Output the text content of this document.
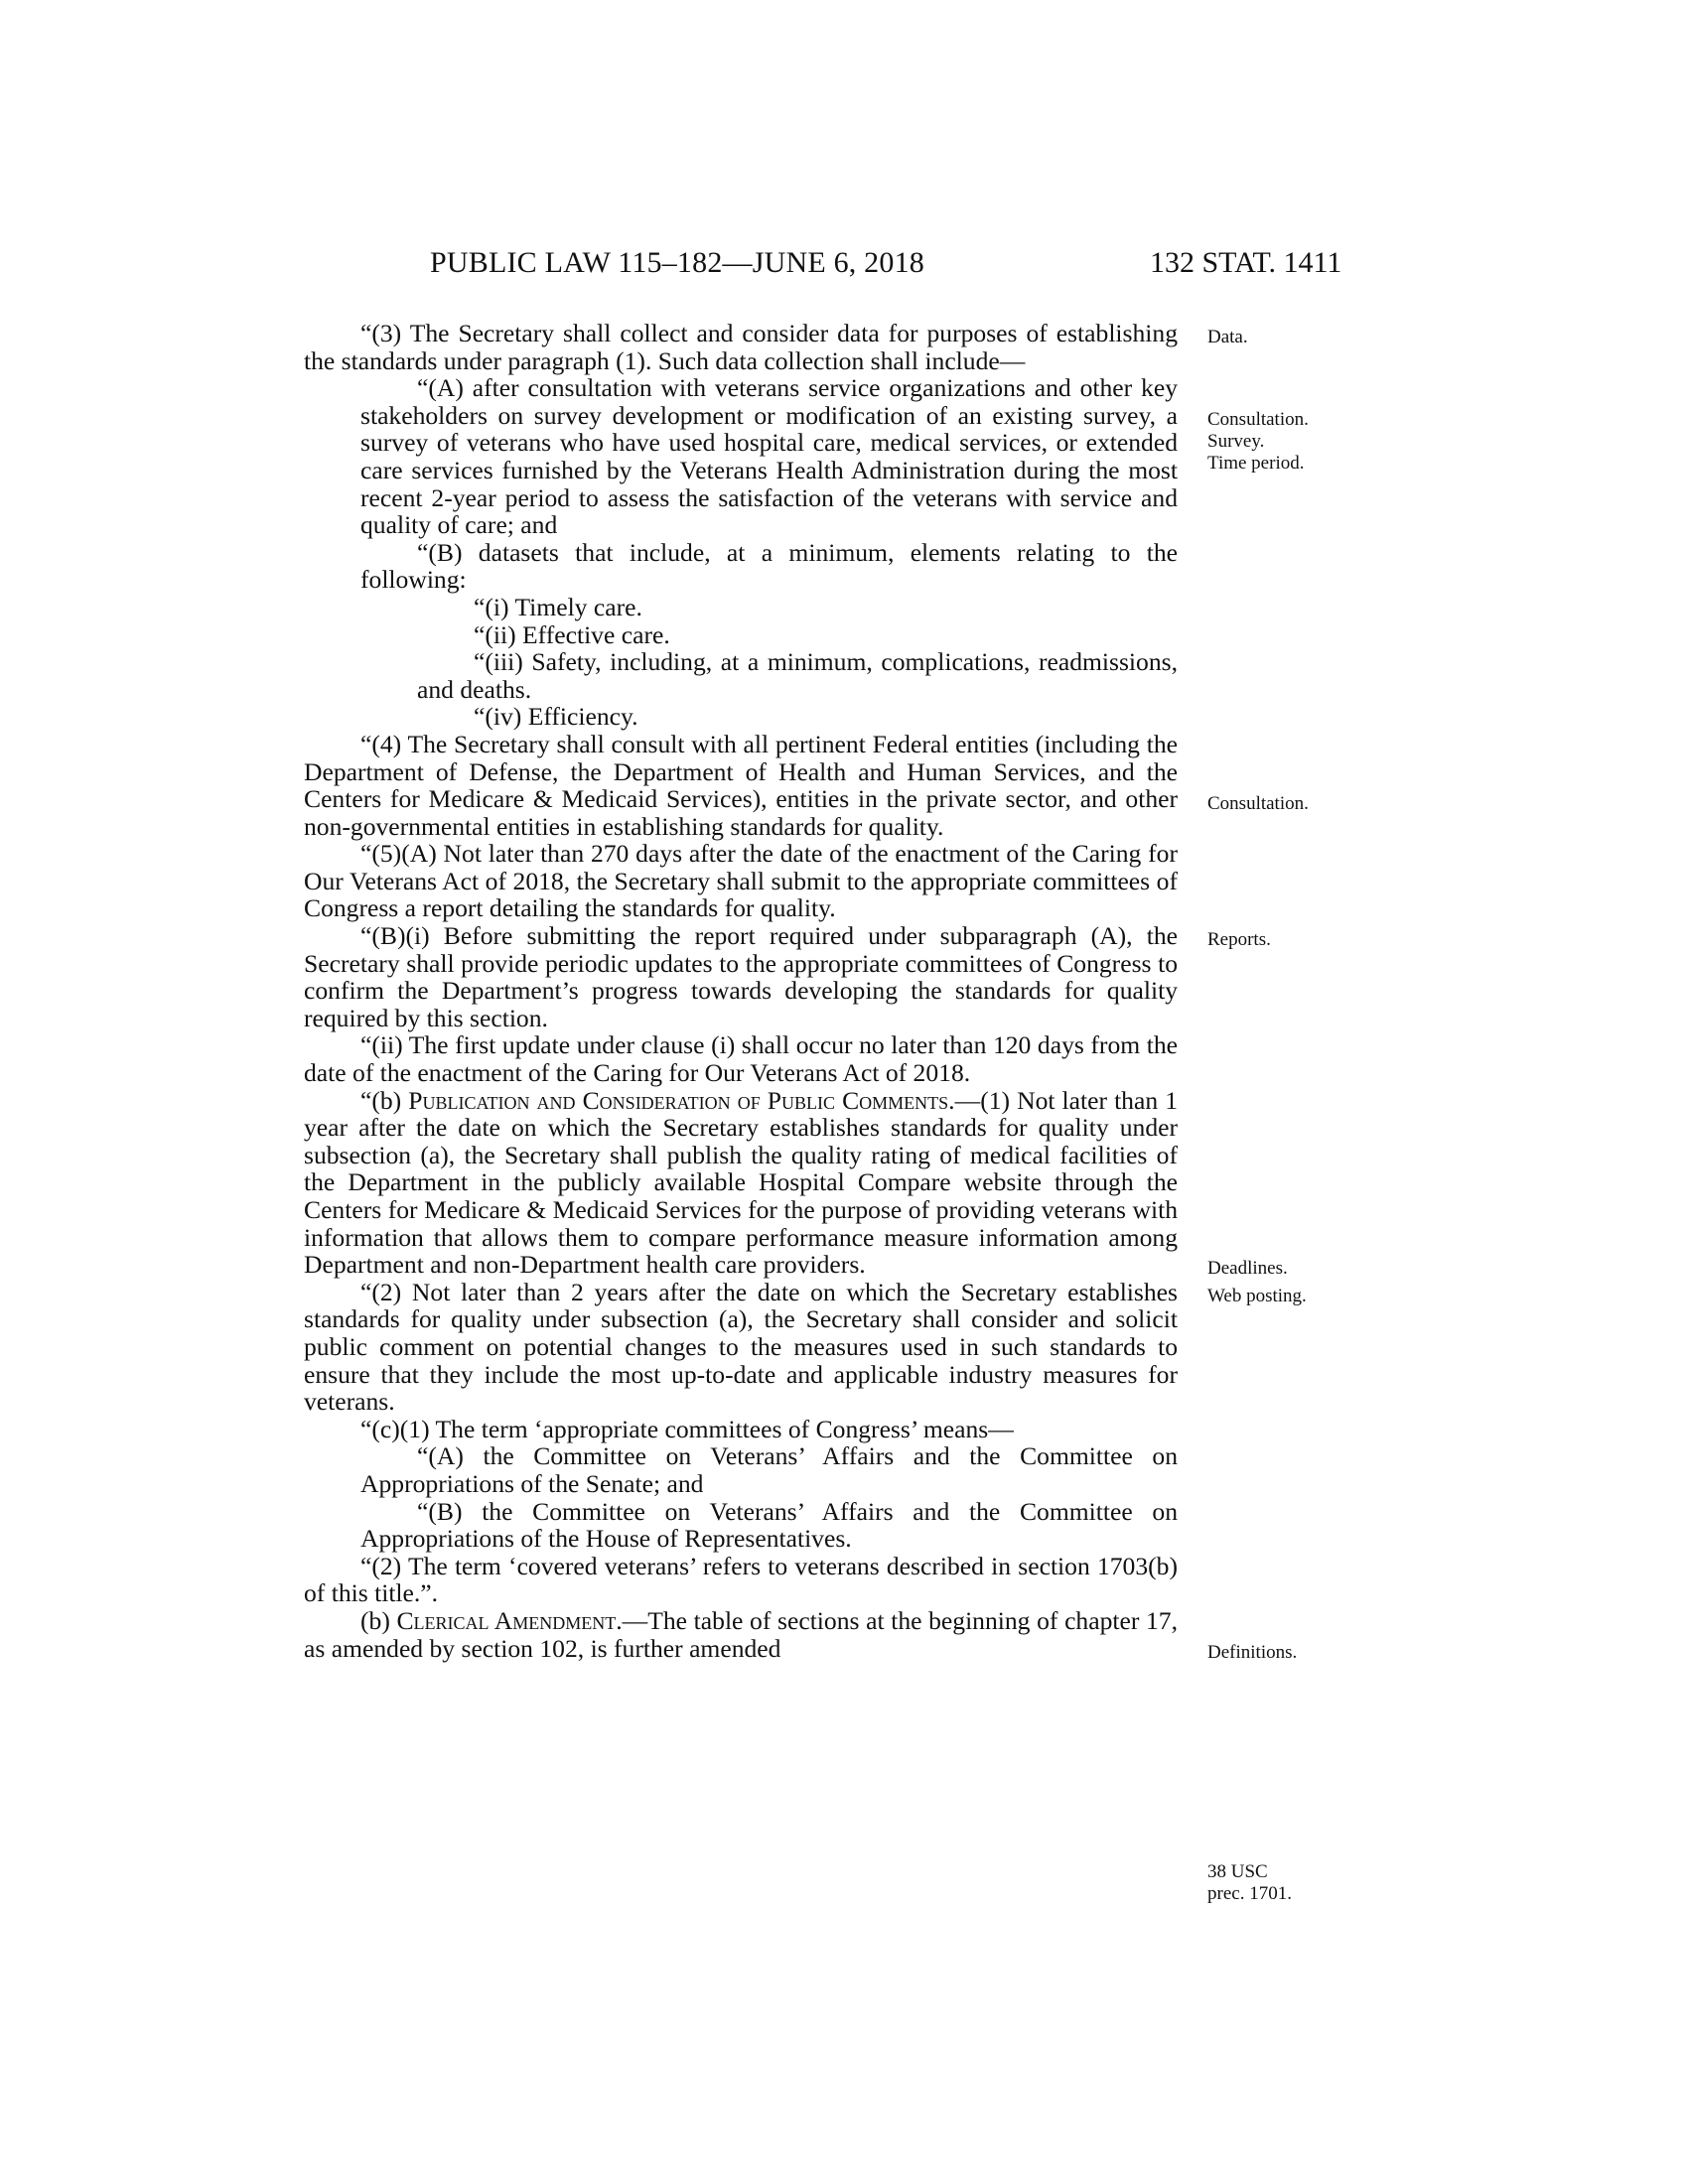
PUBLIC LAW 115–182—JUNE 6, 2018	132 STAT. 1411

“(3) The Secretary shall collect and consider data for purposes of establishing the standards under paragraph (1). Such data collection shall include—

“(A) after consultation with veterans service organizations and other key stakeholders on survey development or modification of an existing survey, a survey of veterans who have used hospital care, medical services, or extended care services furnished by the Veterans Health Administration during the most recent 2-year period to assess the satisfaction of the veterans with service and quality of care; and

“(B) datasets that include, at a minimum, elements relating to the following:

“(i) Timely care.

“(ii) Effective care.

“(iii) Safety, including, at a minimum, complications, readmissions, and deaths.

“(iv) Efficiency.

“(4) The Secretary shall consult with all pertinent Federal entities (including the Department of Defense, the Department of Health and Human Services, and the Centers for Medicare & Medicaid Services), entities in the private sector, and other non-governmental entities in establishing standards for quality.

“(5)(A) Not later than 270 days after the date of the enactment of the Caring for Our Veterans Act of 2018, the Secretary shall submit to the appropriate committees of Congress a report detailing the standards for quality.

“(B)(i) Before submitting the report required under subparagraph (A), the Secretary shall provide periodic updates to the appropriate committees of Congress to confirm the Department’s progress towards developing the standards for quality required by this section.

“(ii) The first update under clause (i) shall occur no later than 120 days from the date of the enactment of the Caring for Our Veterans Act of 2018.

“(b) Publication and Consideration of Public Comments.—(1) Not later than 1 year after the date on which the Secretary establishes standards for quality under subsection (a), the Secretary shall publish the quality rating of medical facilities of the Department in the publicly available Hospital Compare website through the Centers for Medicare & Medicaid Services for the purpose of providing veterans with information that allows them to compare performance measure information among Department and non-Department health care providers.

“(2) Not later than 2 years after the date on which the Secretary establishes standards for quality under subsection (a), the Secretary shall consider and solicit public comment on potential changes to the measures used in such standards to ensure that they include the most up-to-date and applicable industry measures for veterans.

“(c)(1) The term ‘appropriate committees of Congress’ means—

“(A) the Committee on Veterans’ Affairs and the Committee on Appropriations of the Senate; and

“(B) the Committee on Veterans’ Affairs and the Committee on Appropriations of the House of Representatives.

“(2) The term ‘covered veterans’ refers to veterans described in section 1703(b) of this title.”.

(b) Clerical Amendment.—The table of sections at the beginning of chapter 17, as amended by section 102, is further amended

Data.
Consultation.
Survey.
Time period.
Consultation.
Reports.
Deadlines.
Web posting.
Definitions.
38 USC
prec. 1701.
